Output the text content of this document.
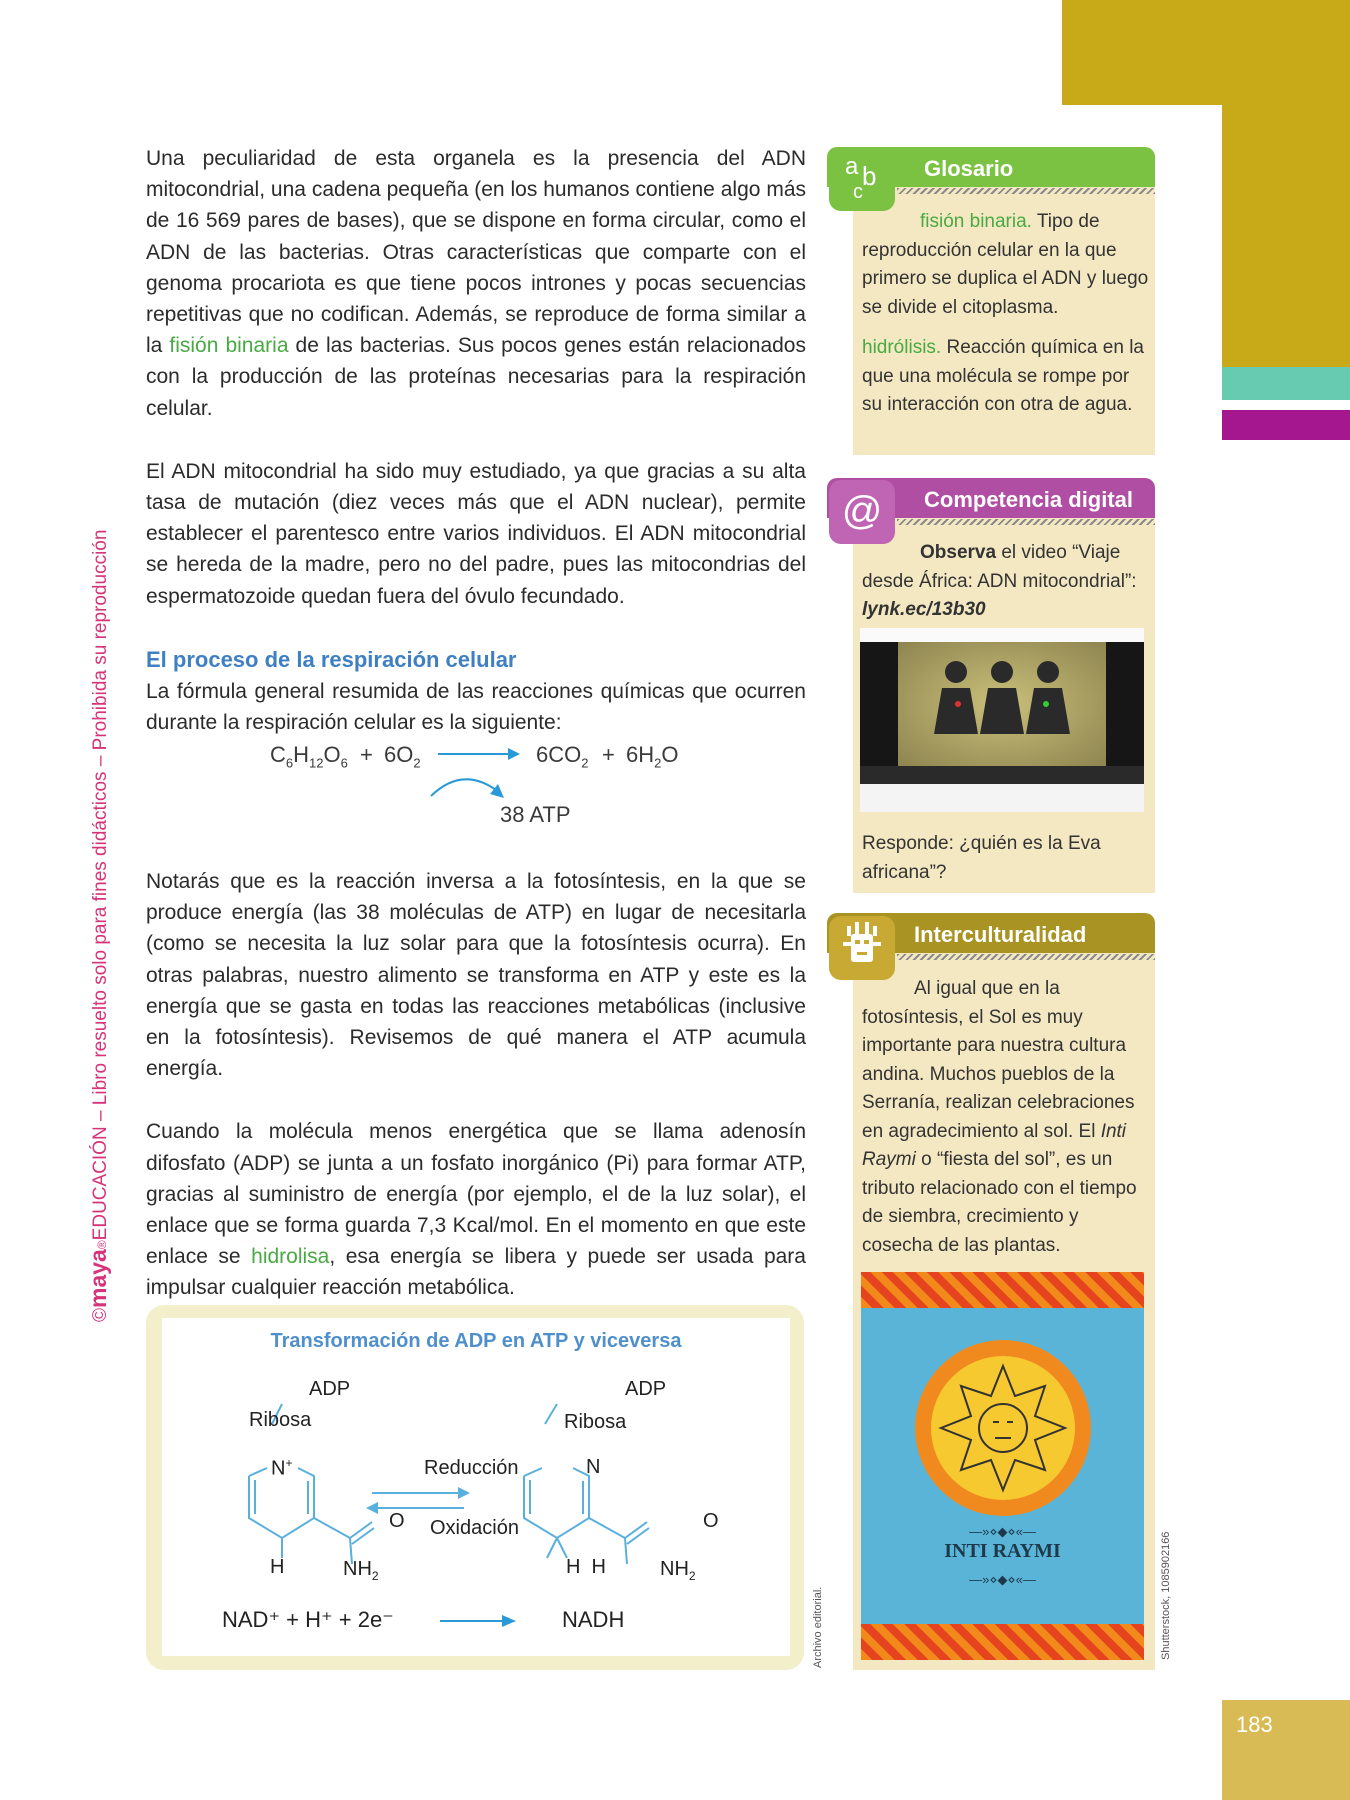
183
©maya®EDUCACIÓN – Libro resuelto solo para fines didácticos – Prohibida su reproducción

Una peculiaridad de esta organela es la presencia del ADN mitocondrial, una cadena pequeña (en los humanos contiene algo más de 16 569 pares de bases), que se dispone en forma circular, como el ADN de las bacterias. Otras características que comparte con el genoma procariota es que tiene pocos intrones y pocas secuencias repetitivas que no codifican. Además, se reproduce de forma similar a la fisión binaria de las bacterias. Sus pocos genes están relacionados con la producción de las proteínas necesarias para la respiración celular.

El ADN mitocondrial ha sido muy estudiado, ya que gracias a su alta tasa de mutación (diez veces más que el ADN nuclear), permite establecer el parentesco entre varios individuos. El ADN mitocondrial se hereda de la madre, pero no del padre, pues las mitocondrias del espermatozoide quedan fuera del óvulo fecundado.

El proceso de la respiración celular

La fórmula general resumida de las reacciones químicas que ocurren durante la respiración celular es la siguiente:

$C_6H_{12}O_6 + 6O_2$	$6CO_2 + 6H_2O$
38 ATP

Notarás que es la reacción inversa a la fotosíntesis, en la que se produce energía (las 38 moléculas de ATP) en lugar de necesitarla (como se necesita la luz solar para que la fotosíntesis ocurra). En otras palabras, nuestro alimento se transforma en ATP y este es la energía que se gasta en todas las reacciones metabólicas (inclusive en la fotosíntesis). Revisemos de qué manera el ATP acumula energía.

Cuando la molécula menos energética que se llama adenosín difosfato (ADP) se junta a un fosfato inorgánico (Pi) para formar ATP, gracias al suministro de energía (por ejemplo, el de la luz solar), el enlace que se forma guarda 7,3 Kcal/mol. En el momento en que este enlace se hidrolisa, esa energía se libera y puede ser usada para impulsar cualquier reacción metabólica.

Transformación de ADP en ATP y viceversa
ADP
Ribosa
N+
O
H	$NH_2$
Reducción
Oxidación
ADP
Ribosa
N
O
H  H	$NH_2$
NAD⁺ + H⁺ + 2e⁻	NADH	Archivo editorial.
a b
c
Glosario

fisión binaria. Tipo de reproducción celular en la que primero se duplica el ADN y luego se divide el citoplasma.

hidrólisis. Reacción química en la que una molécula se rompe por su interacción con otra de agua.

@	Competencia digital

Observa el video “Viaje desde África: ADN mitocondrial”:

lynk.ec/13b30

Responde: ¿quién es la Eva africana”?

Interculturalidad

Al igual que en la fotosíntesis, el Sol es muy importante para nuestra cultura andina. Muchos pueblos de la Serranía, realizan celebraciones en agradecimiento al sol. El Inti Raymi o “fiesta del sol”, es un tributo relacionado con el tiempo de siembra, crecimiento y cosecha de las plantas.

—»⋄◆⋄«—
INTI RAYMI
—»⋄◆⋄«—	Shutterstock, 1085902166
